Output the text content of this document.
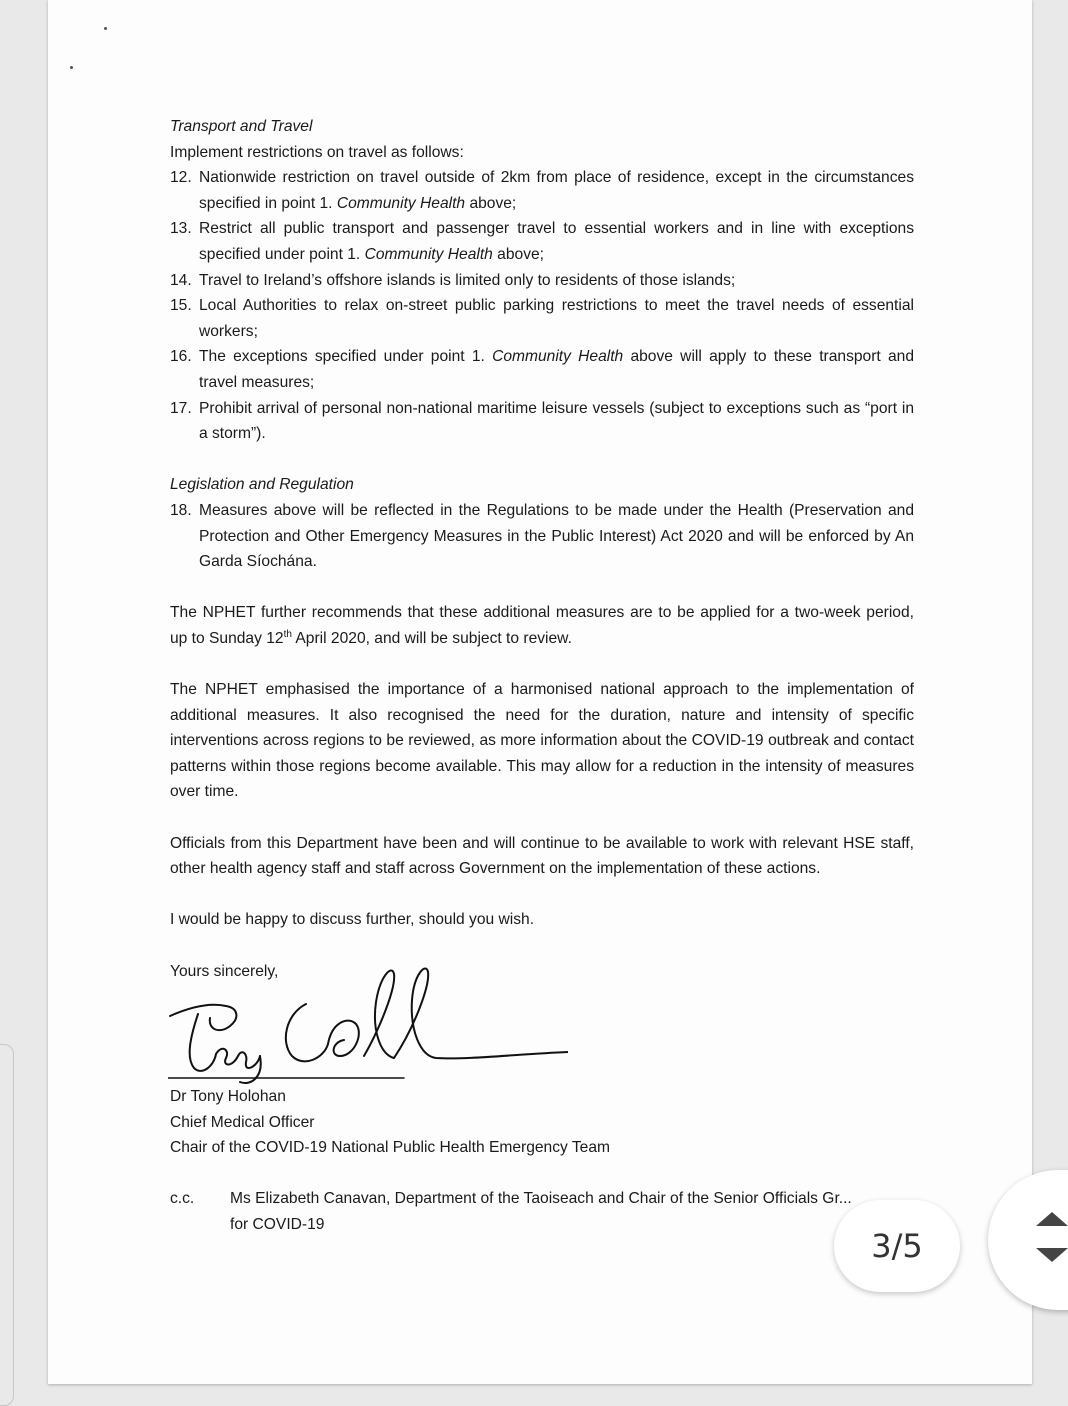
Transport and Travel

Implement restrictions on travel as follows:

12. Nationwide restriction on travel outside of 2km from place of residence, except in the circumstances specified in point 1. Community Health above;
13. Restrict all public transport and passenger travel to essential workers and in line with exceptions specified under point 1. Community Health above;
14. Travel to Ireland’s offshore islands is limited only to residents of those islands;
15. Local Authorities to relax on-street public parking restrictions to meet the travel needs of essential workers;
16. The exceptions specified under point 1. Community Health above will apply to these transport and travel measures;
17. Prohibit arrival of personal non-national maritime leisure vessels (subject to exceptions such as “port in a storm”).

Legislation and Regulation

18. Measures above will be reflected in the Regulations to be made under the Health (Preservation and Protection and Other Emergency Measures in the Public Interest) Act 2020 and will be enforced by An Garda Síochána.

The NPHET further recommends that these additional measures are to be applied for a two-week period, up to Sunday 12th April 2020, and will be subject to review.

The NPHET emphasised the importance of a harmonised national approach to the implementation of additional measures. It also recognised the need for the duration, nature and intensity of specific interventions across regions to be reviewed, as more information about the COVID-19 outbreak and contact patterns within those regions become available. This may allow for a reduction in the intensity of measures over time.

Officials from this Department have been and will continue to be available to work with relevant HSE staff, other health agency staff and staff across Government on the implementation of these actions.

I would be happy to discuss further, should you wish.

Yours sincerely,

Dr Tony Holohan
Chief Medical Officer
Chair of the COVID-19 National Public Health Emergency Team
c.c.	Ms Elizabeth Canavan, Department of the Taoiseach and Chair of the Senior Officials Gr...
for COVID-19
3/5
